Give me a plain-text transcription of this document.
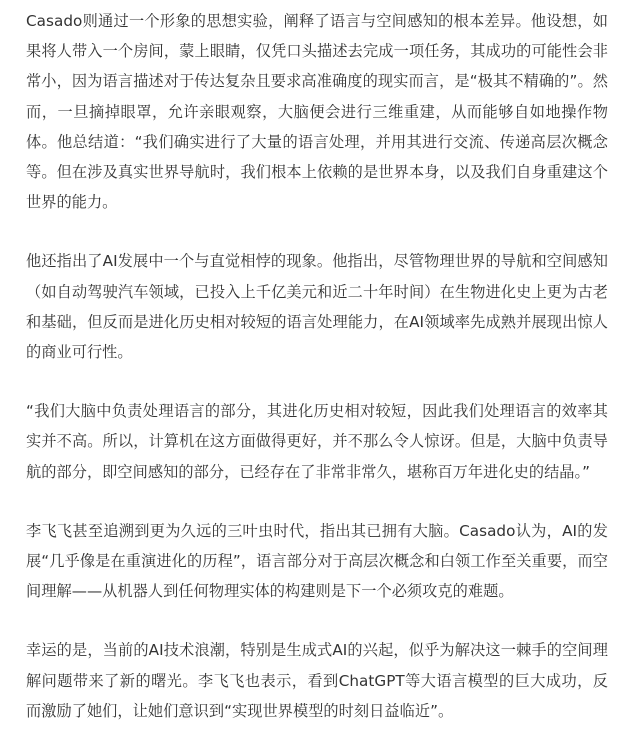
Casado则通过一个形象的思想实验，阐释了语言与空间感知的根本差异。他设想，如果将人带入一个房间，蒙上眼睛，仅凭口头描述去完成一项任务，其成功的可能性会非常小，因为语言描述对于传达复杂且要求高准确度的现实而言，是“极其不精确的”。然而，一旦摘掉眼罩，允许亲眼观察，大脑便会进行三维重建，从而能够自如地操作物体。他总结道：“我们确实进行了大量的语言处理，并用其进行交流、传递高层次概念等。但在涉及真实世界导航时，我们根本上依赖的是世界本身，以及我们自身重建这个世界的能力。

他还指出了AI发展中一个与直觉相悖的现象。他指出，尽管物理世界的导航和空间感知（如自动驾驶汽车领域，已投入上千亿美元和近二十年时间）在生物进化史上更为古老和基础，但反而是进化历史相对较短的语言处理能力，在AI领域率先成熟并展现出惊人的商业可行性。

“我们大脑中负责处理语言的部分，其进化历史相对较短，因此我们处理语言的效率其实并不高。所以，计算机在这方面做得更好，并不那么令人惊讶。但是，大脑中负责导航的部分，即空间感知的部分，已经存在了非常非常久，堪称百万年进化史的结晶。”

李飞飞甚至追溯到更为久远的三叶虫时代，指出其已拥有大脑。Casado认为，AI的发展“几乎像是在重演进化的历程”，语言部分对于高层次概念和白领工作至关重要，而空间理解——从机器人到任何物理实体的构建则是下一个必须攻克的难题。

幸运的是，当前的AI技术浪潮，特别是生成式AI的兴起，似乎为解决这一棘手的空间理解问题带来了新的曙光。李飞飞也表示，看到ChatGPT等大语言模型的巨大成功，反而激励了她们，让她们意识到“实现世界模型的时刻日益临近”。
